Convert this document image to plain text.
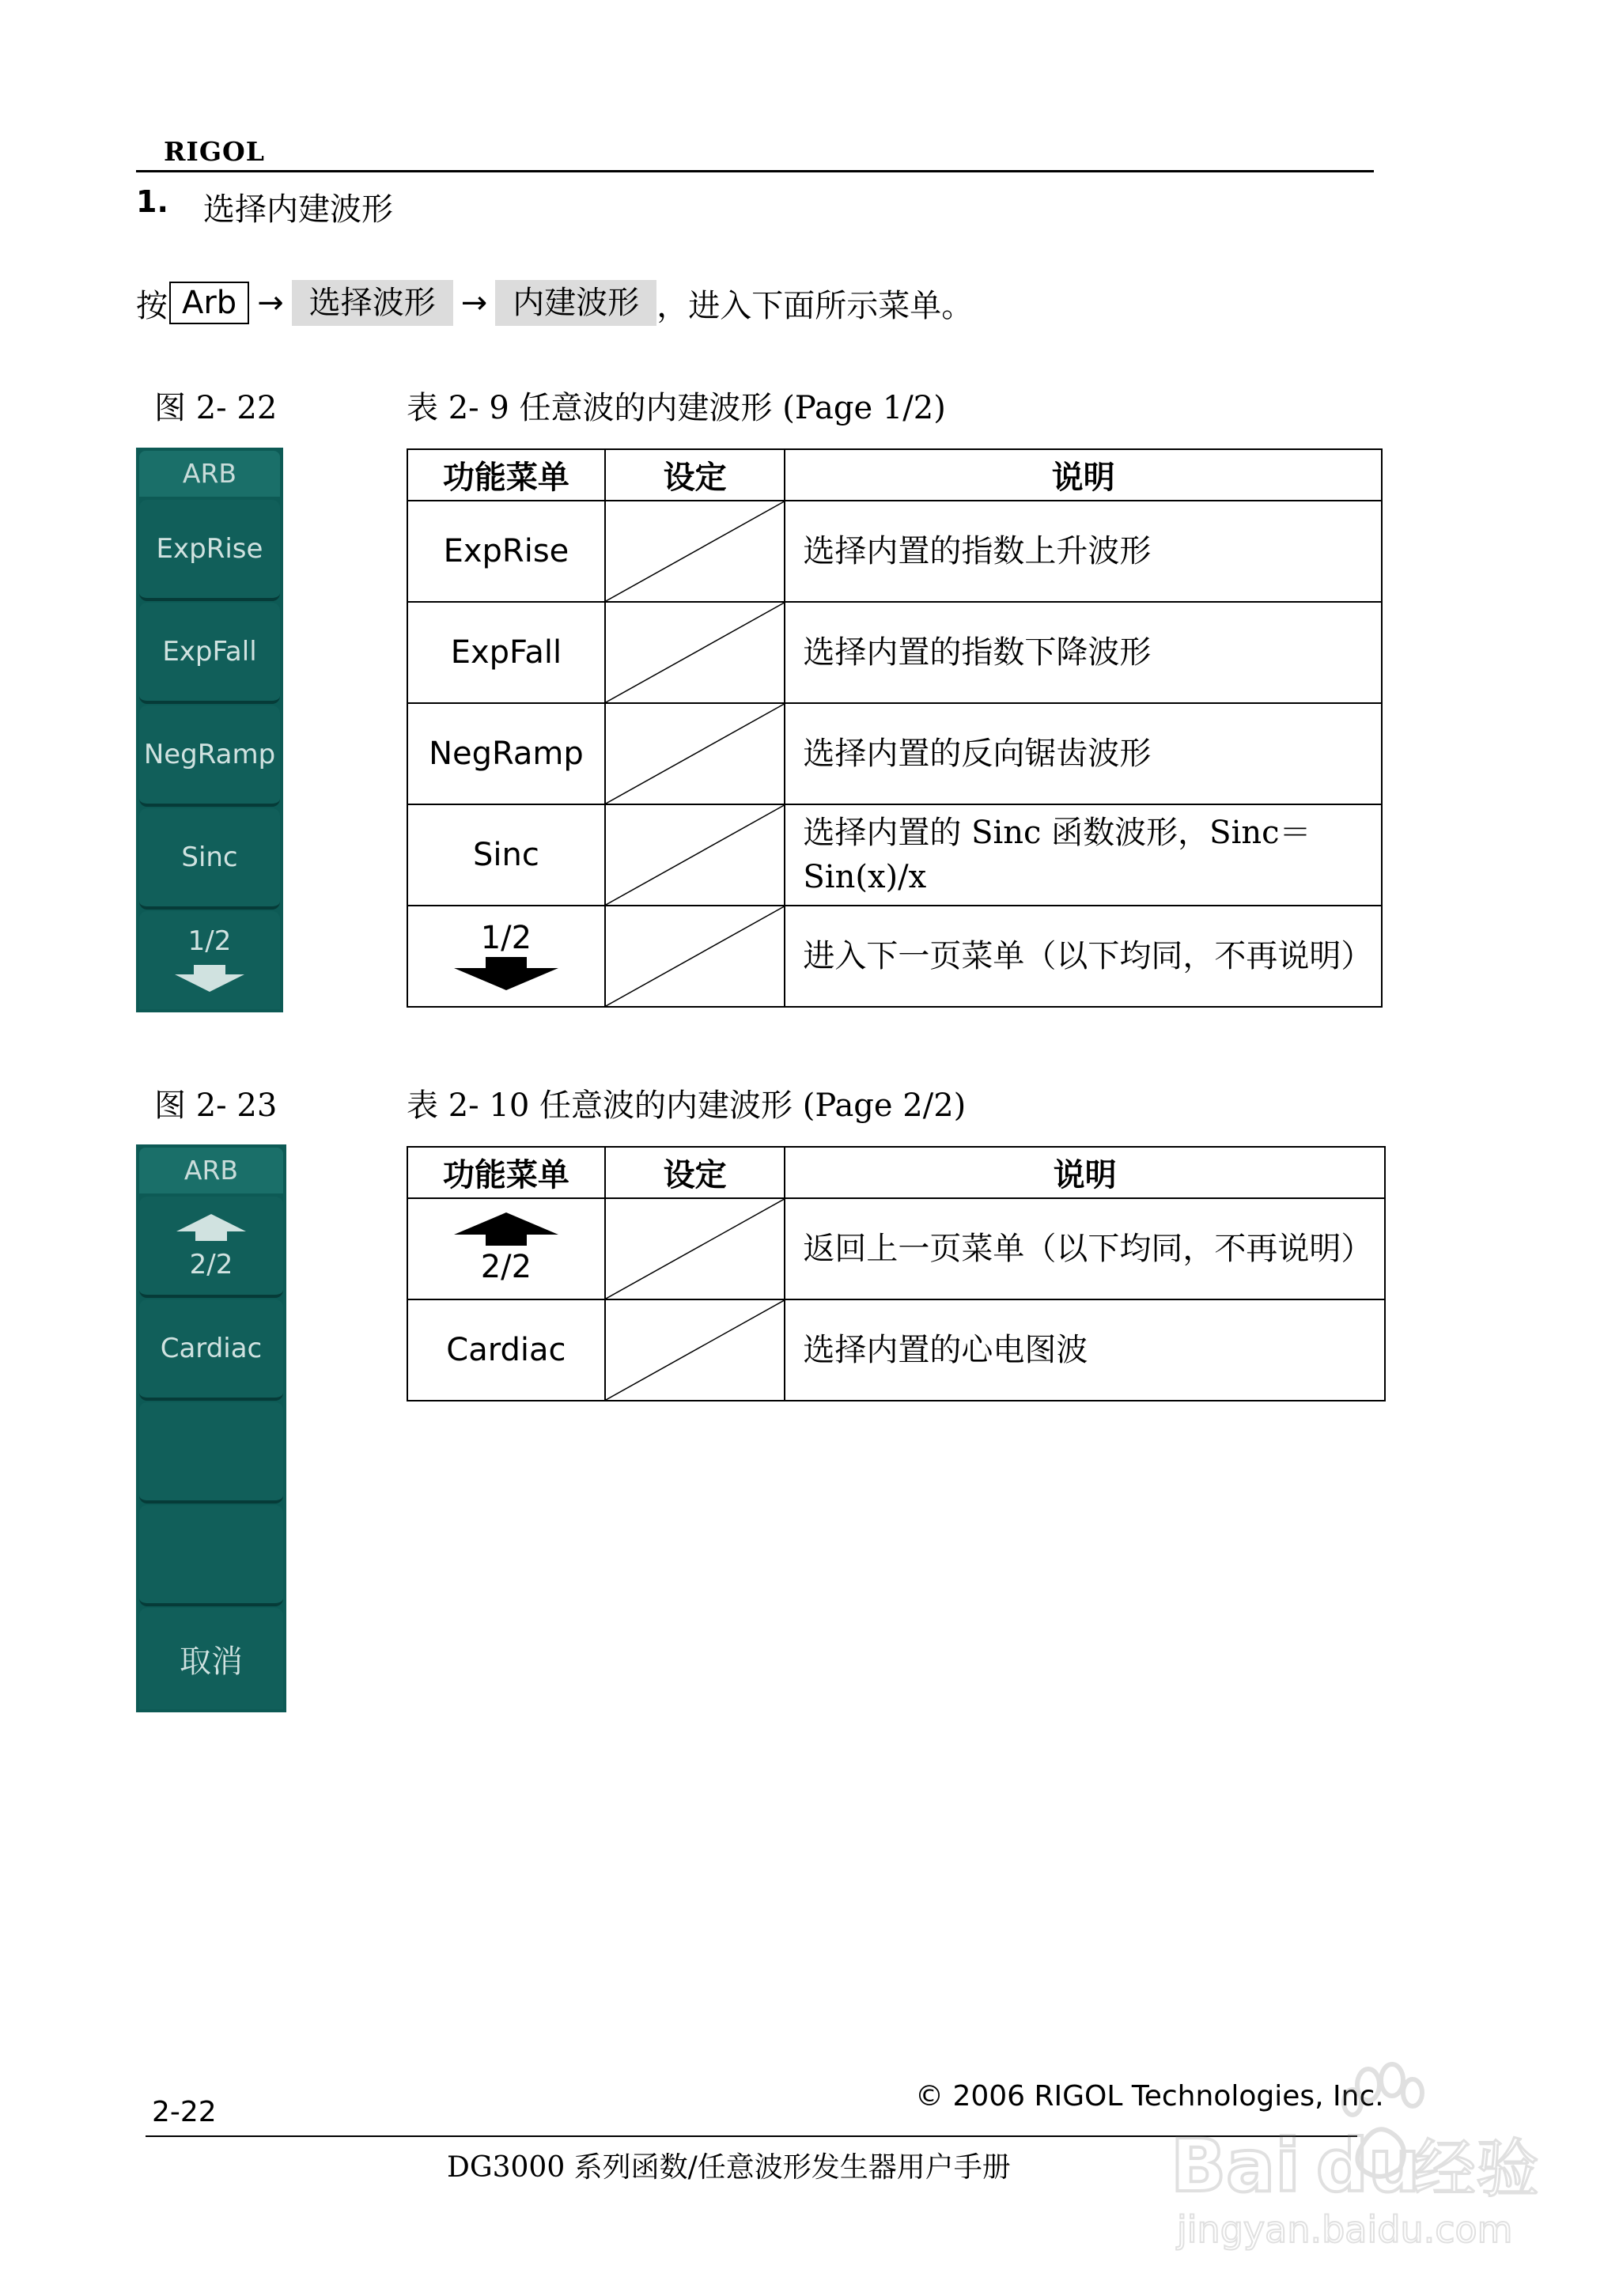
RIGOL
1. 选择内建波形
按 Arb → 选择波形 → 内建波形 ，进入下面所示菜单。
图 2- 22	表 2- 9 任意波的内建波形 (Page 1/2)
ARB
ExpRise
ExpFall
NegRamp
Sinc
1/2
功能菜单	设定	说明
ExpRise		选择内置的指数上升波形
ExpFall		选择内置的指数下降波形
NegRamp		选择内置的反向锯齿波形
Sinc		选择内置的 Sinc 函数波形，Sinc＝Sin(x)/x

1/2		进入下一页菜单（以下均同，不再说明）
图 2- 23	表 2- 10 任意波的内建波形 (Page 2/2)
ARB
2/2
Cardiac
取消
功能菜单	设定	说明

2/2		返回上一页菜单（以下均同，不再说明）
Cardiac		选择内置的心电图波
© 2006 RIGOL Technologies, Inc.
2-22
DG3000 系列函数/任意波形发生器用户手册 Bai du
经验
jingyan.baidu.com
